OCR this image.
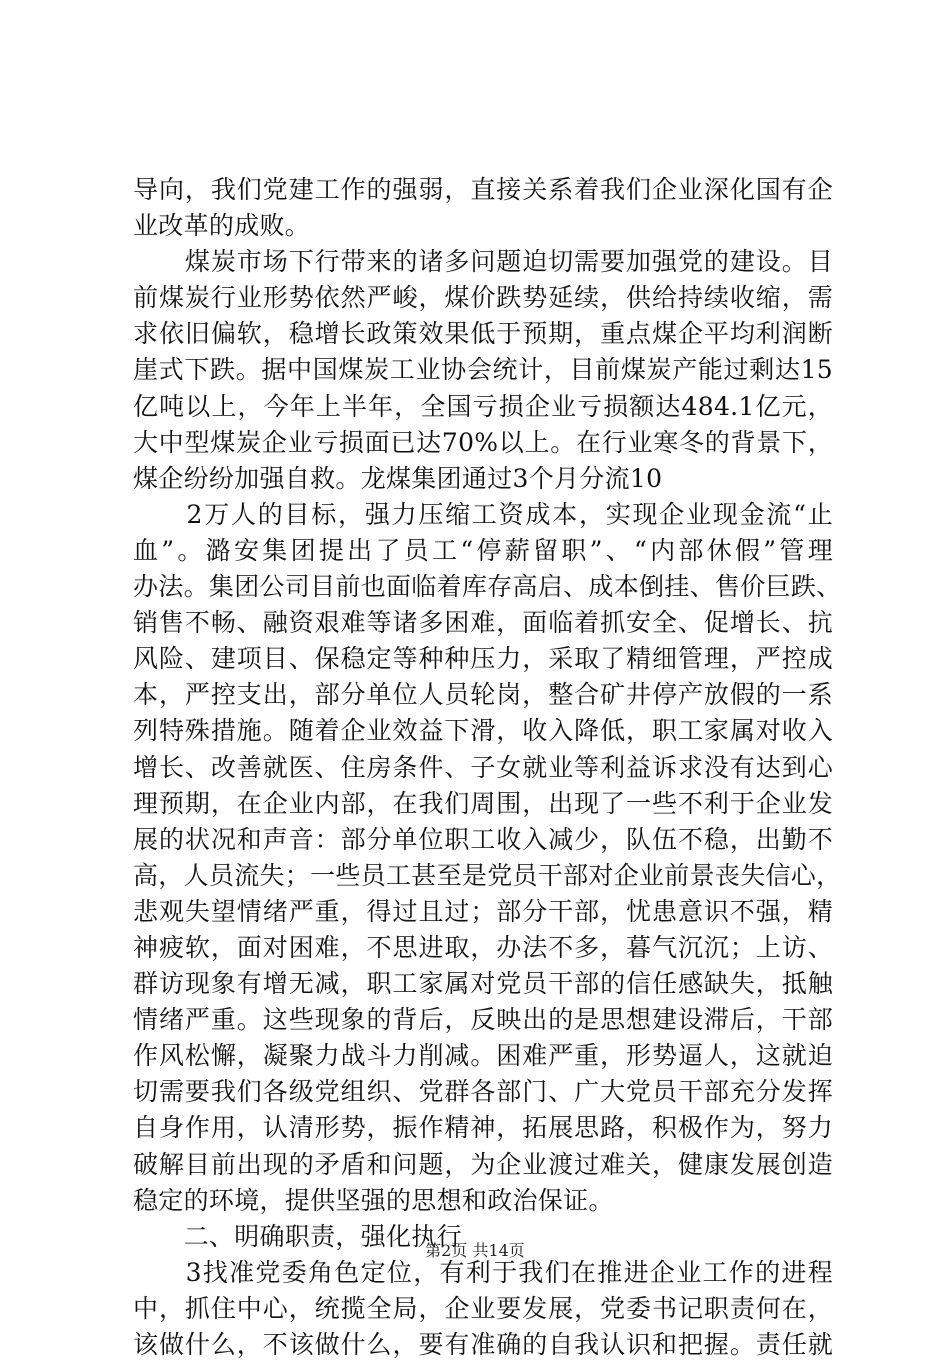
导向，我们党建工作的强弱，直接关系着我们企业深化国有企
业改革的成败。
　　煤炭市场下行带来的诸多问题迫切需要加强党的建设。目
前煤炭行业形势依然严峻，煤价跌势延续，供给持续收缩，需
求依旧偏软，稳增长政策效果低于预期，重点煤企平均利润断
崖式下跌。据中国煤炭工业协会统计，目前煤炭产能过剩达15
亿吨以上，今年上半年，全国亏损企业亏损额达484.1亿元，
大中型煤炭企业亏损面已达70%以上。在行业寒冬的背景下，
煤企纷纷加强自救。龙煤集团通过3个月分流10
　　2万人的目标，强力压缩工资成本，实现企业现金流“止
血”。潞安集团提出了员工“停薪留职”、“内部休假”管理
办法。集团公司目前也面临着库存高启、成本倒挂、售价巨跌、
销售不畅、融资艰难等诸多困难，面临着抓安全、促增长、抗
风险、建项目、保稳定等种种压力，采取了精细管理，严控成
本，严控支出，部分单位人员轮岗，整合矿井停产放假的一系
列特殊措施。随着企业效益下滑，收入降低，职工家属对收入
增长、改善就医、住房条件、子女就业等利益诉求没有达到心
理预期，在企业内部，在我们周围，出现了一些不利于企业发
展的状况和声音：部分单位职工收入减少，队伍不稳，出勤不
高，人员流失；一些员工甚至是党员干部对企业前景丧失信心，
悲观失望情绪严重，得过且过；部分干部，忧患意识不强，精
神疲软，面对困难，不思进取，办法不多，暮气沉沉；上访、
群访现象有增无减，职工家属对党员干部的信任感缺失，抵触
情绪严重。这些现象的背后，反映出的是思想建设滞后，干部
作风松懈，凝聚力战斗力削减。困难严重，形势逼人，这就迫
切需要我们各级党组织、党群各部门、广大党员干部充分发挥
自身作用，认清形势，振作精神，拓展思路，积极作为，努力
破解目前出现的矛盾和问题，为企业渡过难关，健康发展创造
稳定的环境，提供坚强的思想和政治保证。
　　二、明确职责，强化执行
　　3找准党委角色定位，有利于我们在推进企业工作的进程
中，抓住中心，统揽全局，企业要发展，党委书记职责何在，
该做什么，不该做什么，要有准确的自我认识和把握。责任就
第2页 共14页
